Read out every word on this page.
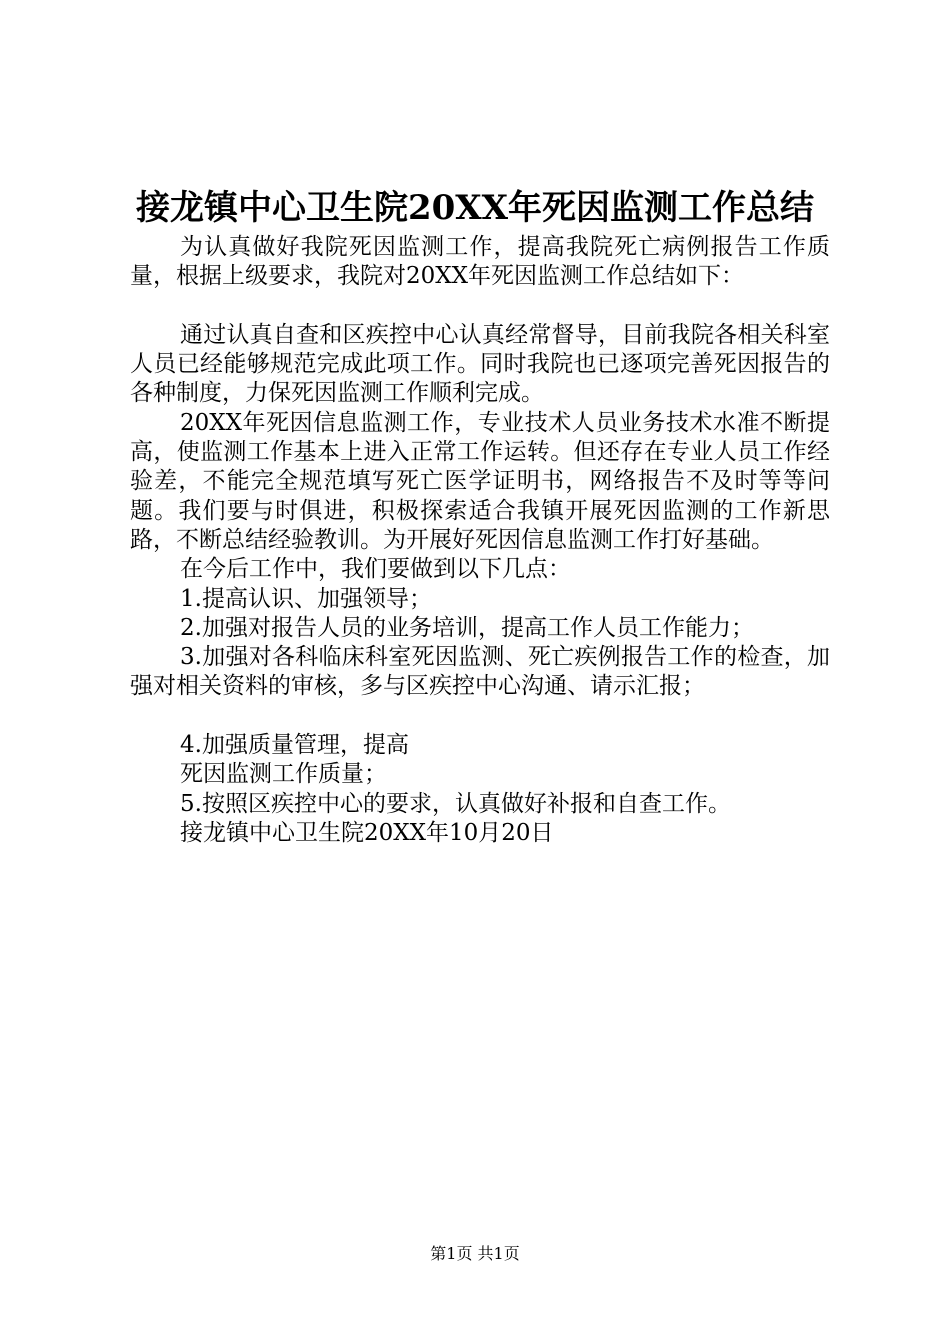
接龙镇中心卫生院20XX年死因监测工作总结

为认真做好我院死因监测工作，提高我院死亡病例报告工作质量，根据上级要求，我院对20XX年死因监测工作总结如下：

通过认真自查和区疾控中心认真经常督导，目前我院各相关科室人员已经能够规范完成此项工作。同时我院也已逐项完善死因报告的各种制度，力保死因监测工作顺利完成。

20XX年死因信息监测工作，专业技术人员业务技术水准不断提高，使监测工作基本上进入正常工作运转。但还存在专业人员工作经验差，不能完全规范填写死亡医学证明书，网络报告不及时等等问题。我们要与时俱进，积极探索适合我镇开展死因监测的工作新思路，不断总结经验教训。为开展好死因信息监测工作打好基础。

在今后工作中，我们要做到以下几点：

1.提高认识、加强领导；

2.加强对报告人员的业务培训，提高工作人员工作能力；

3.加强对各科临床科室死因监测、死亡疾例报告工作的检查，加强对相关资料的审核，多与区疾控中心沟通、请示汇报；

4.加强质量管理，提高

死因监测工作质量；

5.按照区疾控中心的要求，认真做好补报和自查工作。

接龙镇中心卫生院20XX年10月20日

第1页 共1页
